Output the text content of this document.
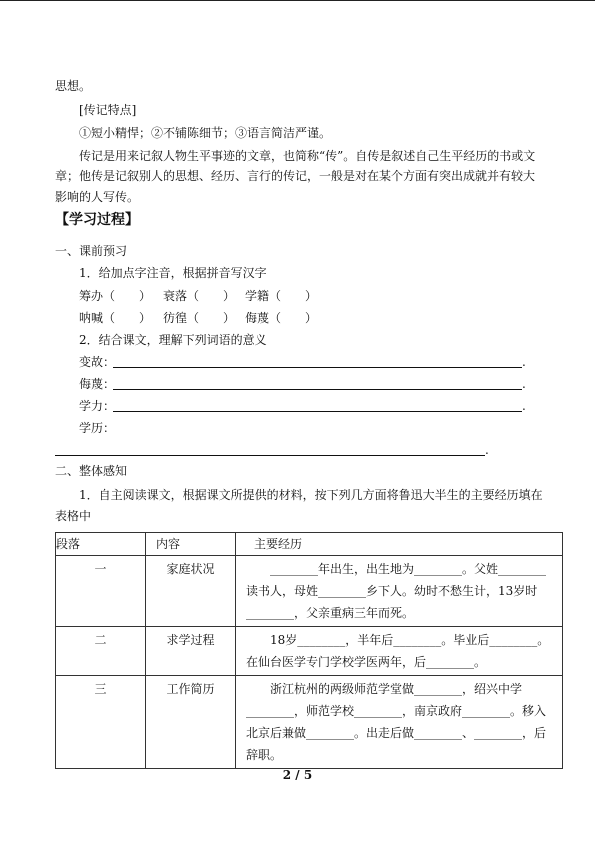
思想。
[传记特点]
①短小精悍；②不铺陈细节；③语言简洁严谨。
传记是用来记叙人物生平事迹的文章，也简称“传”。自传是叙述自己生平经历的书或文
章；他传是记叙别人的思想、经历、言行的传记，一般是对在某个方面有突出成就并有较大
影响的人写传。
【学习过程】
一、课前预习
1．给加点字注音，根据拼音写汉字
筹办（　　） 衰落（　　） 学籍（　　）
呐喊（　　） 彷徨（　　） 侮蔑（　　）
2．结合课文，理解下列词语的意义
变故：	.
侮蔑：	.
学力：	.
学历：
.
二、整体感知
1．自主阅读课文，根据课文所提供的材料，按下列几方面将鲁迅大半生的主要经历填在
表格中
段落	内容	主要经历
一	家庭状况	________年出生，出生地为________。父姓________读书人，母姓________乡下人。幼时不愁生计，13岁时________，父亲重病三年而死。
二	求学过程	18岁________，半年后________。毕业后________。在仙台医学专门学校学医两年，后________。
三	工作简历	浙江杭州的两级师范学堂做________，绍兴中学________，师范学校________，南京政府________。移入北京后兼做________。出走后做________、________，后辞职。
2 / 5
